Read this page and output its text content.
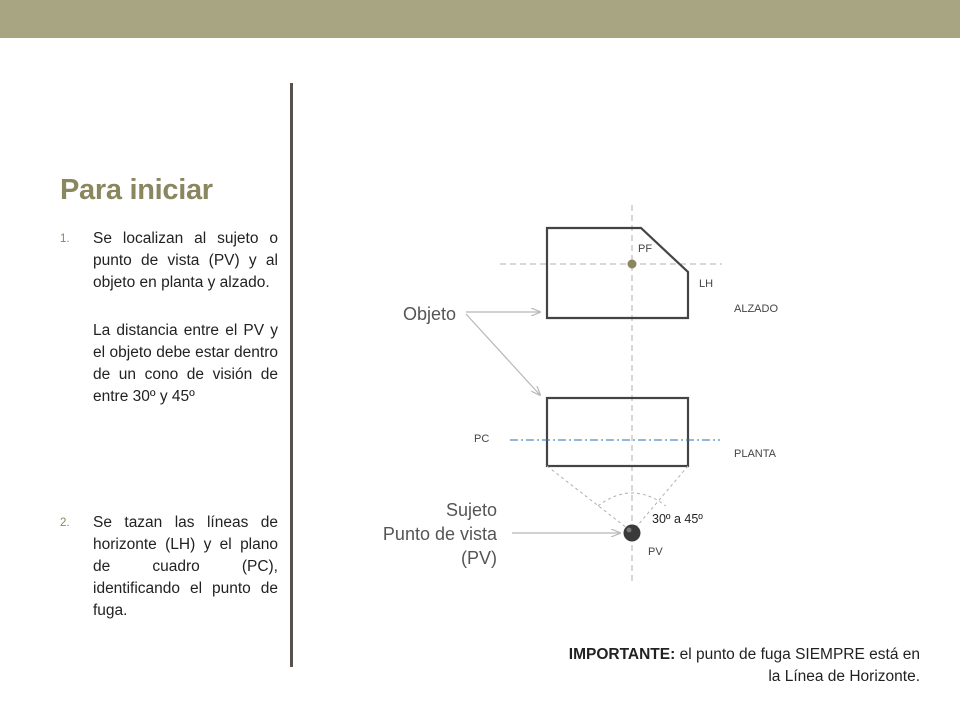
Para iniciar
1.	Se localizan al sujeto o punto de vista (PV) y al objeto en planta y alzado.
La distancia entre el PV y el objeto debe estar dentro de un cono de visión de entre 30º y 45º
2.	Se tazan las líneas de horizonte (LH) y el plano de cuadro (PC), identificando el punto de fuga.
PF
LH
ALZADO
PC
PLANTA
PV
30º a 45º
Objeto
Sujeto
Punto de vista
(PV)
IMPORTANTE: el punto de fuga SIEMPRE está en
la Línea de Horizonte.
